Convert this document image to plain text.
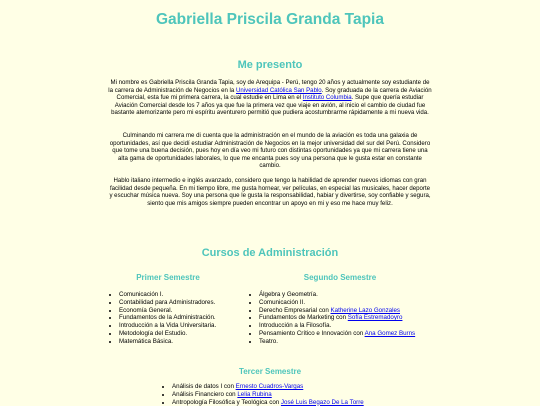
Gabriella Priscila Granda Tapia
Me presento

Mi nombre es Gabriella Priscila Granda Tapia, soy de Arequipa - Perú, tengo 20 años y actualmente soy estudiante de la carrera de Administración de Negocios en la Universidad Católica San Pablo. Soy graduada de la carrera de Aviación Comercial, esta fue mi primera carrera, la cual estudie en Lima en el Instituto Columbia. Supe que quería estudiar Aviación Comercial desde los 7 años ya que fue la primera vez que viaje en avión, al inicio el cambio de ciudad fue bastante atemorizante pero mi espíritu aventurero permitió que pudiera acostumbrarme rápidamente a mi nueva vida.

Culminando mi carrera me di cuenta que la administración en el mundo de la aviación es toda una galaxia de oportunidades, así que decidí estudiar Administración de Negocios en la mejor universidad del sur del Perú. Considero que tome una buena decisión, pues hoy en día veo mi futuro con distintas oportunidades ya que mi carrera tiene una alta gama de oportunidades laborales, lo que me encanta pues soy una persona que le gusta estar en constante cambio.

Hablo italiano intermedio e inglés avanzado, considero que tengo la habilidad de aprender nuevos idiomas con gran facilidad desde pequeña. En mi tiempo libre, me gusta hornear, ver películas, en especial las musicales, hacer deporte y escuchar música nueva. Soy una persona que le gusta la responsabilidad, habiar y divertirse, soy confiable y segura, siento que mis amigos siempre pueden encontrar un apoyo en mi y eso me hace muy feliz.

Cursos de Administración
Primer Semestre	Segundo Semestre
• Comunicación I.
• Contabilidad para Administradores.
• Economía General.
• Fundamentos de la Administración.
• Introducción a la Vida Universitaria.
• Metodología del Estudio.
• Matemática Básica.
• Álgebra y Geometría.
• Comunicación II.
• Derecho Empresarial con Katherine Lazo Gonzales
• Fundamentos de Marketing con Sofía Estremadoyro
• Introducción a la Filosofía.
• Pensamiento Crítico e Innovación con Ana Gomez Burns
• Teatro.
Tercer Semestre
• Análisis de datos I con Ernesto Cuadros-Vargas
• Análisis Financiero con Lelia Rubina
• Antropología Filosófica y Teológica con José Luis Begazo De La Torre
